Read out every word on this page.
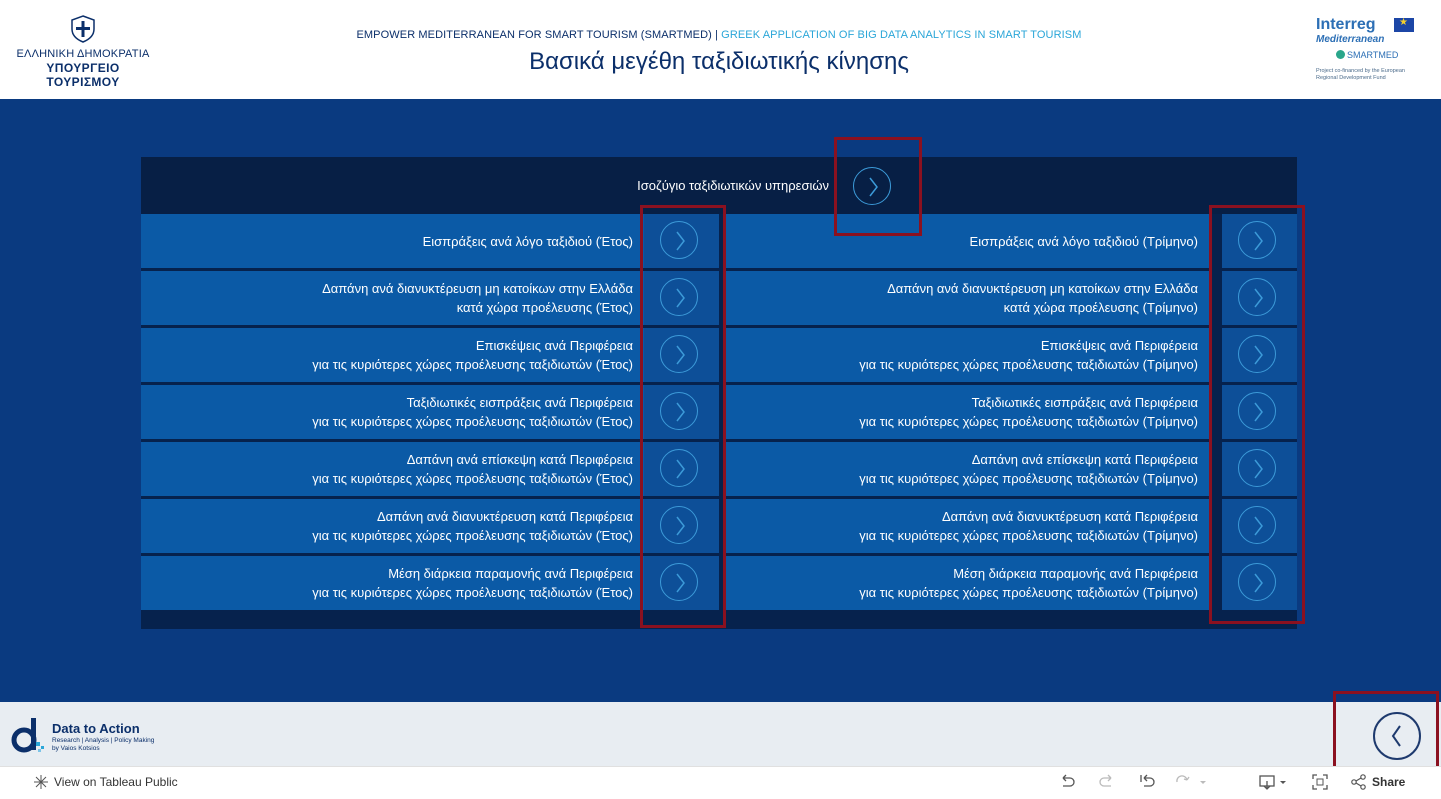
ΕΛΛΗΝΙΚΗ ΔΗΜΟΚΡΑΤΙΑ
ΥΠΟΥΡΓΕΙΟ ΤΟΥΡΙΣΜΟΥ
EMPOWER MEDITERRANEAN FOR SMART TOURISM (SMARTMED) | GREEK APPLICATION OF BIG DATA ANALYTICS IN SMART TOURISM
Βασικά μεγέθη ταξιδιωτικής κίνησης
Interreg
★
Mediterranean
SMARTMED
Project co-financed by the European Regional Development Fund
Ισοζύγιο ταξιδιωτικών υπηρεσιών
Εισπράξεις ανά λόγο ταξιδιού (Έτος)
Δαπάνη ανά διανυκτέρευση μη κατοίκων στην Ελλάδα
κατά χώρα προέλευσης (Έτος)
Επισκέψεις ανά Περιφέρεια
για τις κυριότερες χώρες προέλευσης ταξιδιωτών (Έτος)
Ταξιδιωτικές εισπράξεις ανά Περιφέρεια
για τις κυριότερες χώρες προέλευσης ταξιδιωτών (Έτος)
Δαπάνη ανά επίσκεψη κατά Περιφέρεια
για τις κυριότερες χώρες προέλευσης ταξιδιωτών (Έτος)
Δαπάνη ανά διανυκτέρευση κατά Περιφέρεια
για τις κυριότερες χώρες προέλευσης ταξιδιωτών (Έτος)
Μέση διάρκεια παραμονής ανά Περιφέρεια
για τις κυριότερες χώρες προέλευσης ταξιδιωτών (Έτος)
Εισπράξεις ανά λόγο ταξιδιού (Τρίμηνο)
Δαπάνη ανά διανυκτέρευση μη κατοίκων στην Ελλάδα
κατά χώρα προέλευσης (Τρίμηνο)
Επισκέψεις ανά Περιφέρεια
για τις κυριότερες χώρες προέλευσης ταξιδιωτών (Τρίμηνο)
Ταξιδιωτικές εισπράξεις ανά Περιφέρεια
για τις κυριότερες χώρες προέλευσης ταξιδιωτών (Τρίμηνο)
Δαπάνη ανά επίσκεψη κατά Περιφέρεια
για τις κυριότερες χώρες προέλευσης ταξιδιωτών (Τρίμηνο)
Δαπάνη ανά διανυκτέρευση κατά Περιφέρεια
για τις κυριότερες χώρες προέλευσης ταξιδιωτών (Τρίμηνο)
Μέση διάρκεια παραμονής ανά Περιφέρεια
για τις κυριότερες χώρες προέλευσης ταξιδιωτών (Τρίμηνο)
Data to Action
Research | Analysis | Policy Making
by Vaios Kotsios
View on Tableau Public	Share
